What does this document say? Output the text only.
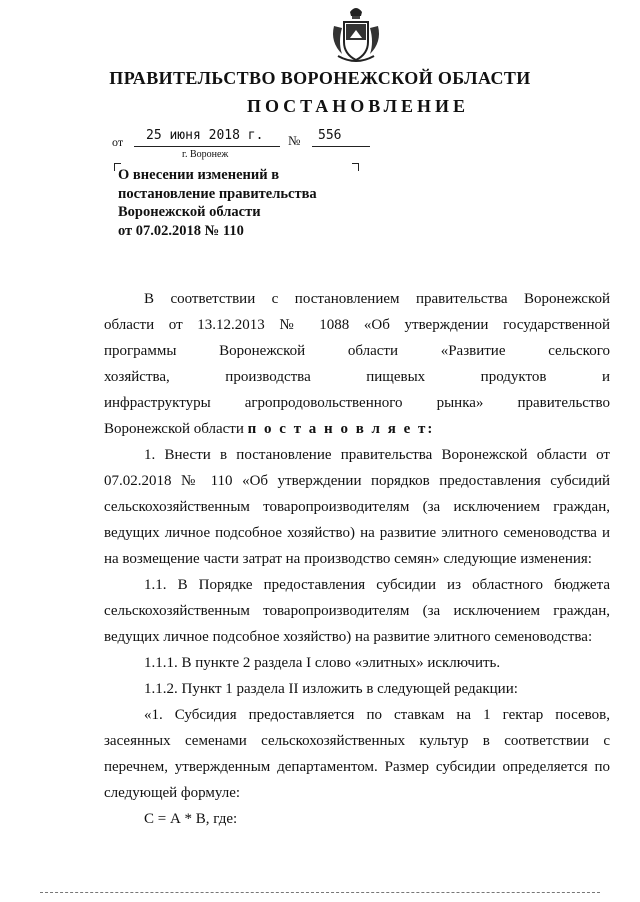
ПРАВИТЕЛЬСТВО ВОРОНЕЖСКОЙ ОБЛАСТИ
ПОСТАНОВЛЕНИЕ
от	25 июня 2018 г.	№	556
г. Воронеж
О внесении изменений в
постановление правительства
Воронежской области
от 07.02.2018 № 110

В соответствии с постановлением правительства Воронежской

области от 13.12.2013 № 1088 «Об утверждении государственной

программы Воронежской области «Развитие сельского

хозяйства, производства пищевых продуктов и

инфраструктуры агропродовольственного рынка» правительство

Воронежской области п о с т а н о в л я е т:

1. Внести в постановление правительства Воронежской области от

07.02.2018 № 110 «Об утверждении порядков предоставления субсидий

сельскохозяйственным товаропроизводителям (за исключением граждан,

ведущих личное подсобное хозяйство) на развитие элитного семеноводства и

на возмещение части затрат на производство семян» следующие изменения:

1.1. В Порядке предоставления субсидии из областного бюджета

сельскохозяйственным товаропроизводителям (за исключением граждан,

ведущих личное подсобное хозяйство) на развитие элитного семеноводства:

1.1.1. В пункте 2 раздела I слово «элитных» исключить.

1.1.2. Пункт 1 раздела II изложить в следующей редакции:

«1. Субсидия предоставляется по ставкам на 1 гектар посевов,

засеянных семенами сельскохозяйственных культур в соответствии с

перечнем, утвержденным департаментом. Размер субсидии определяется по

следующей формуле:

С = А * В, где:
